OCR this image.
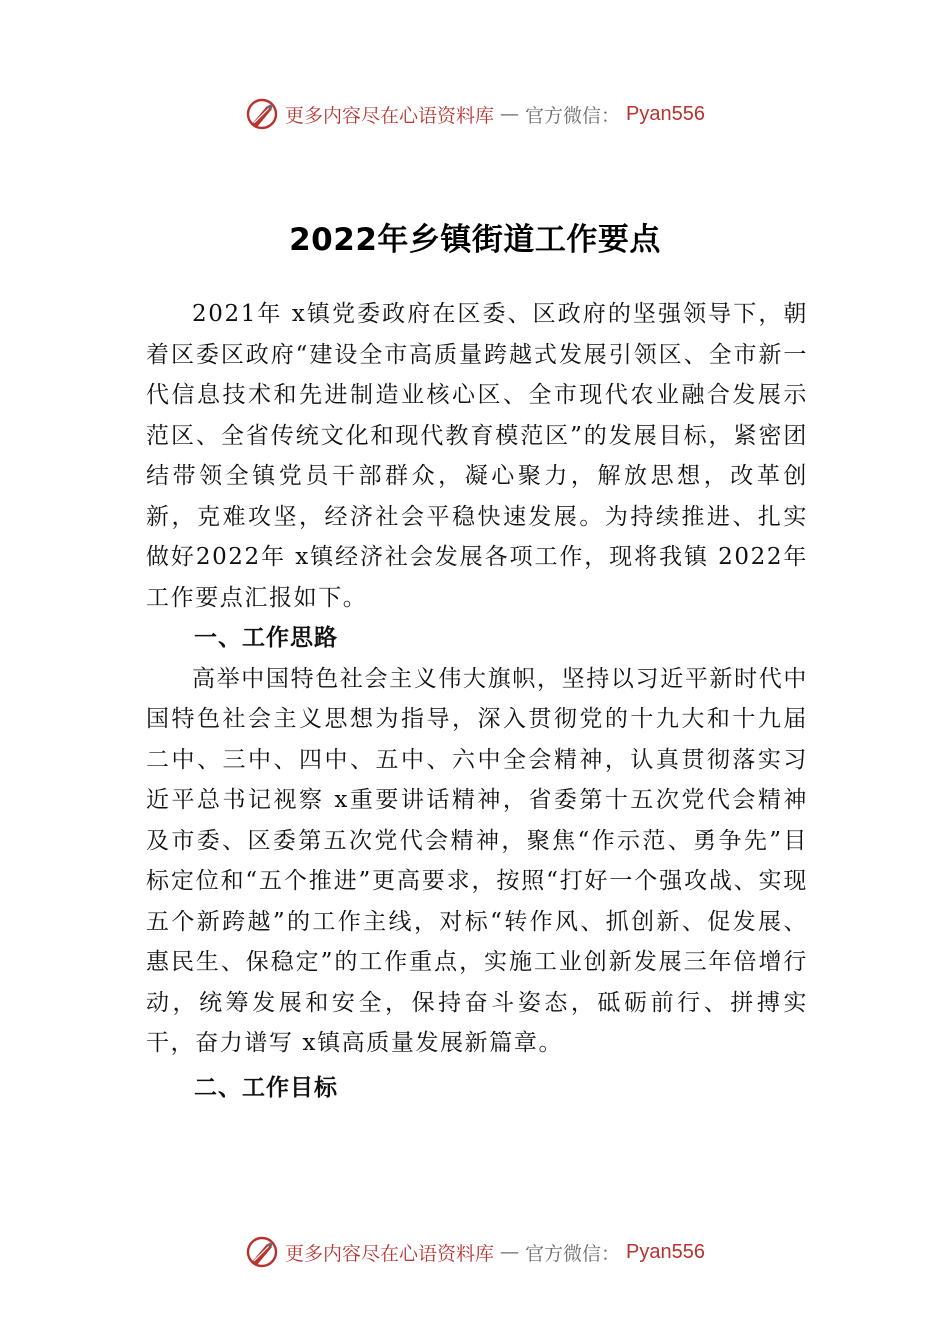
更多内容尽在心语资料库 — 官方微信： Pyan556
2022年乡镇街道工作要点

2021年 x镇党委政府在区委、区政府的坚强领导下，朝着区委区政府“建设全市高质量跨越式发展引领区、全市新一代信息技术和先进制造业核心区、全市现代农业融合发展示范区、全省传统文化和现代教育模范区”的发展目标，紧密团结带领全镇党员干部群众，凝心聚力，解放思想，改革创新，克难攻坚，经济社会平稳快速发展。为持续推进、扎实做好2022年 x镇经济社会发展各项工作，现将我镇 2022年工作要点汇报如下。

一、工作思路

高举中国特色社会主义伟大旗帜，坚持以习近平新时代中国特色社会主义思想为指导，深入贯彻党的十九大和十九届二中、三中、四中、五中、六中全会精神，认真贯彻落实习近平总书记视察 x重要讲话精神，省委第十五次党代会精神及市委、区委第五次党代会精神，聚焦“作示范、勇争先”目标定位和“五个推进”更高要求，按照“打好一个强攻战、实现五个新跨越”的工作主线，对标“转作风、抓创新、促发展、惠民生、保稳定”的工作重点，实施工业创新发展三年倍增行动，统筹发展和安全，保持奋斗姿态，砥砺前行、拼搏实干，奋力谱写 x镇高质量发展新篇章。

二、工作目标
更多内容尽在心语资料库 — 官方微信： Pyan556
